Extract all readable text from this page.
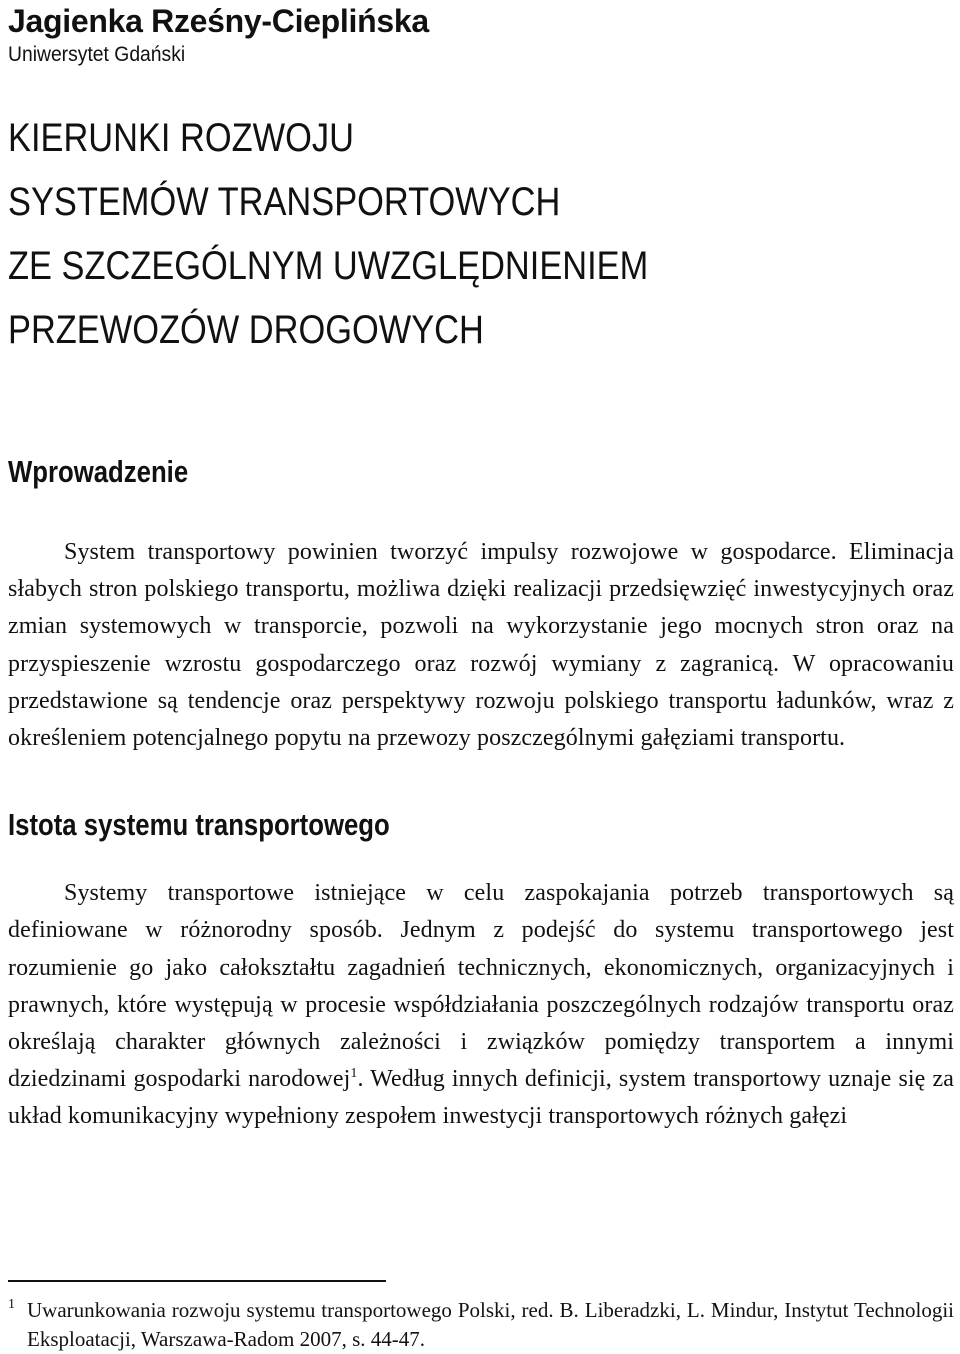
Jagienka Rześny-Cieplińska
Uniwersytet Gdański
KIERUNKI ROZWOJU
SYSTEMÓW TRANSPORTOWYCH
ZE SZCZEGÓLNYM UWZGLĘDNIENIEM
PRZEWOZÓW DROGOWYCH
Wprowadzenie

System transportowy powinien tworzyć impulsy rozwojowe w gospodarce. Eliminacja słabych stron polskiego transportu, możliwa dzięki realizacji przedsięwzięć inwestycyjnych oraz zmian systemowych w transporcie, pozwoli na wykorzystanie jego mocnych stron oraz na przyspieszenie wzrostu gospodarczego oraz rozwój wymiany z zagranicą. W opracowaniu przedstawione są tendencje oraz perspektywy rozwoju polskiego transportu ładunków, wraz z określeniem potencjalnego popytu na przewozy poszczególnymi gałęziami transportu.

Istota systemu transportowego

Systemy transportowe istniejące w celu zaspokajania potrzeb transportowych są definiowane w różnorodny sposób. Jednym z podejść do systemu transportowego jest rozumienie go jako całokształtu zagadnień technicznych, ekonomicznych, organizacyjnych i prawnych, które występują w procesie współdziałania poszczególnych rodzajów transportu oraz określają charakter głównych zależności i związków pomiędzy transportem a innymi dziedzinami gospodarki narodowej$^1$. Według innych definicji, system transportowy uznaje się za układ komunikacyjny wypełniony zespołem inwestycji transportowych różnych gałęzi

1 Uwarunkowania rozwoju systemu transportowego Polski, red. B. Liberadzki, L. Mindur, Instytut Technologii Eksploatacji, Warszawa-Radom 2007, s. 44-47.
